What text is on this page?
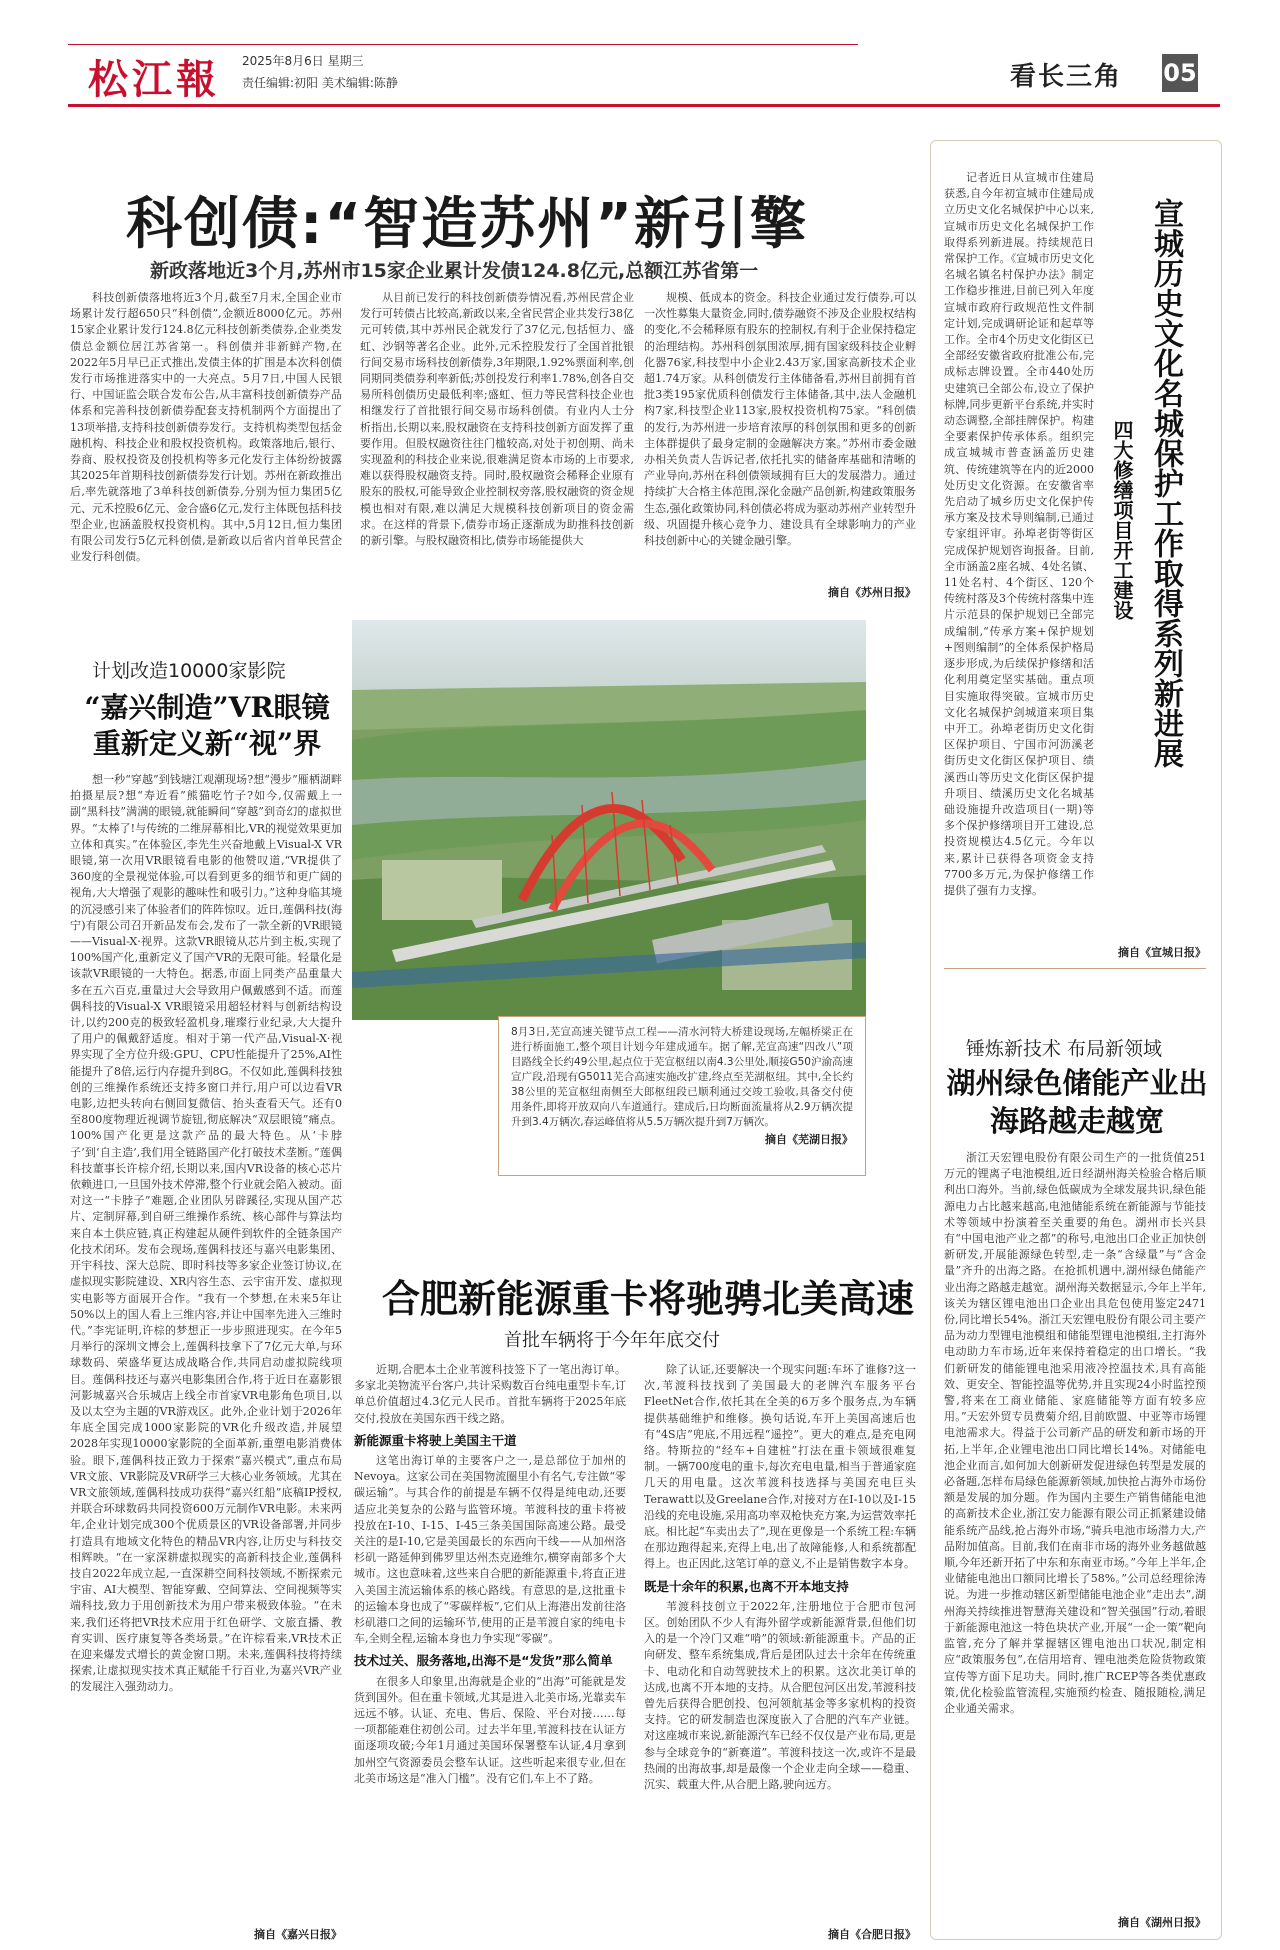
松江報 2025年8月6日 星期三
责任编辑:初阳 美术编辑:陈静	看长三角 05
科创债:“智造苏州”新引擎
新政落地近3个月,苏州市15家企业累计发债124.8亿元,总额江苏省第一

科技创新债落地将近3个月,截至7月末,全国企业市场累计发行超650只“科创债”,金额近8000亿元。苏州15家企业累计发行124.8亿元科技创新类债券,企业类发债总金额位居江苏省第一。科创债并非新鲜产物,在2022年5月早已正式推出,发债主体的扩围是本次科创债发行市场推进落实中的一大亮点。5月7日,中国人民银行、中国证监会联合发布公告,从丰富科技创新债券产品体系和完善科技创新债券配套支持机制两个方面提出了13项举措,支持科技创新债券发行。支持机构类型包括金融机构、科技企业和股权投资机构。政策落地后,银行、券商、股权投资及创投机构等多元化发行主体纷纷披露其2025年首期科技创新债券发行计划。苏州在新政推出后,率先就落地了3单科技创新债券,分别为恒力集团5亿元、元禾控股6亿元、金合盛6亿元,发行主体既包括科技型企业,也涵盖股权投资机构。其中,5月12日,恒力集团有限公司发行5亿元科创债,是新政以后省内首单民营企业发行科创债。

从目前已发行的科技创新债券情况看,苏州民营企业发行可转债占比较高,新政以来,全省民营企业共发行38亿元可转债,其中苏州民企就发行了37亿元,包括恒力、盛虹、沙钢等著名企业。此外,元禾控股发行了全国首批银行间交易市场科技创新债券,3年期限,1.92%票面利率,创同期同类债券利率新低;苏创投发行利率1.78%,创各自交易所科创债历史最低利率;盛虹、恒力等民营科技企业也相继发行了首批银行间交易市场科创债。有业内人士分析指出,长期以来,股权融资在支持科技创新方面发挥了重要作用。但股权融资往往门槛较高,对处于初创期、尚未实现盈利的科技企业来说,很难满足资本市场的上市要求,难以获得股权融资支持。同时,股权融资会稀释企业原有股东的股权,可能导致企业控制权旁落,股权融资的资金规模也相对有限,难以满足大规模科技创新项目的资金需求。在这样的背景下,债券市场正逐渐成为助推科技创新的新引擎。与股权融资相比,债券市场能提供大

规模、低成本的资金。科技企业通过发行债券,可以一次性募集大量资金,同时,债券融资不涉及企业股权结构的变化,不会稀释原有股东的控制权,有利于企业保持稳定的治理结构。苏州科创氛围浓厚,拥有国家级科技企业孵化器76家,科技型中小企业2.43万家,国家高新技术企业超1.74万家。从科创债发行主体储备看,苏州目前拥有首批3类195家优质科创债发行主体储备,其中,法人金融机构7家,科技型企业113家,股权投资机构75家。“科创债的发行,为苏州进一步培育浓厚的科创氛围和更多的创新主体群提供了最身定制的金融解决方案。”苏州市委金融办相关负责人告诉记者,依托扎实的储备库基础和清晰的产业导向,苏州在科创债领域拥有巨大的发展潜力。通过持续扩大合格主体范围,深化金融产品创新,构建政策服务生态,强化政策协同,科创债必将成为驱动苏州产业转型升级、巩固提升核心竞争力、建设具有全球影响力的产业科技创新中心的关键金融引擎。

摘自《苏州日报》
计划改造10000家影院
“嘉兴制造”VR眼镜重新定义新“视”界

想一秒“穿越”到钱塘江观潮现场?想“漫步”雁栖湖畔拍摄星辰?想“寿近看”熊猫吃竹子?如今,仅需戴上一副“黑科技”满满的眼镜,就能瞬间“穿越”到奇幻的虚拟世界。“太棒了!与传统的二维屏幕相比,VR的视觉效果更加立体和真实。”在体验区,李先生兴奋地戴上Visual-X VR眼镜,第一次用VR眼镜看电影的他赞叹道,“VR提供了360度的全景视觉体验,可以看到更多的细节和更广阔的视角,大大增强了观影的趣味性和吸引力。”这种身临其境的沉浸感引来了体验者们的阵阵惊叹。近日,莲偶科技(海宁)有限公司召开新品发布会,发布了一款全新的VR眼镜——Visual-X·视界。这款VR眼镜从芯片到主板,实现了100%国产化,重新定义了国产VR的无限可能。轻量化是该款VR眼镜的一大特色。据悉,市面上同类产品重量大多在五六百克,重量过大会导致用户佩戴感到不适。而莲偶科技的Visual-X VR眼镜采用超轻材料与创新结构设计,以约200克的极致轻盈机身,璀璨行业纪录,大大提升了用户的佩戴舒适度。相对于第一代产品,Visual-X·视界实现了全方位升级:GPU、CPU性能提升了25%,AI性能提升了8倍,运行内存提升到8G。不仅如此,莲偶科技独创的三维操作系统还支持多窗口并行,用户可以边看VR电影,边把头转向右侧回复微信、抬头查看天气。还有0至800度物理近视调节旋钮,彻底解决“双层眼镜”痛点。100%国产化更是这款产品的最大特色。从‘卡脖子’到‘自主造’,我们用全链路国产化打破技术垄断。”莲偶科技董事长许棕介绍,长期以来,国内VR设备的核心芯片依赖进口,一旦国外技术停滞,整个行业就会陷入被动。面对这一“卡脖子”难题,企业团队另辟蹊径,实现从国产芯片、定制屏幕,到自研三维操作系统、核心部件与算法均来自本土供应链,真正构建起从硬件到软件的全链条国产化技术闭环。发布会现场,莲偶科技还与嘉兴电影集团、开宇科技、深大总院、即时科技等多家企业签订协议,在虚拟现实影院建设、XR内容生态、云宇宙开发、虚拟现实电影等方面展开合作。“我有一个梦想,在未来5年让50%以上的国人看上三维内容,并让中国率先进入三维时代。”李宪证明,许棕的梦想正一步步照进现实。在今年5月举行的深圳文博会上,莲偶科技拿下了7亿元大单,与环球数码、荣盛华夏达成战略合作,共同启动虚拟院线项目。莲偶科技还与嘉兴电影集团合作,将于近日在嘉影银河影城嘉兴合乐城店上线全市首家VR电影角色项目,以及以太空为主题的VR游戏区。此外,企业计划于2026年年底全国完成1000家影院的VR化升级改造,并展望2028年实现10000家影院的全面革新,重塑电影消费体验。眼下,莲偶科技正致力于探索“嘉兴模式”,重点布局VR文旅、VR影院及VR研学三大核心业务领域。尤其在VR文旅领域,莲偶科技成功获得“嘉兴红船”底稿IP授权,并联合环球数码共同投资600万元制作VR电影。未来两年,企业计划完成300个优质景区的VR设备部署,并同步打造具有地域文化特色的精品VR内容,让历史与科技交相辉映。“在一家深耕虚拟现实的高新科技企业,莲偶科技自2022年成立起,一直深耕空间科技领域,不断探索元宇宙、AI大模型、智能穿戴、空间算法、空间视频等实端科技,致力于用创新技术为用户带来极致体验。“在未来,我们还将把VR技术应用于红色研学、文旅直播、教育实训、医疗康复等各类场景。”在许棕看来,VR技术正在迎来爆发式增长的黄金窗口期。未来,莲偶科技将持续探索,让虚拟现实技术真正赋能千行百业,为嘉兴VR产业的发展注入强劲动力。

摘自《嘉兴日报》
8月3日,芜宣高速关键节点工程——清水河特大桥建设现场,左幅桥梁正在进行桥面施工,整个项目计划今年建成通车。据了解,芜宣高速“四改八”项目路线全长约49公里,起点位于芜宣枢纽以南4.3公里处,顺接G50沪渝高速宣广段,沿现有G5011芜合高速实施改扩建,终点至芜湖枢纽。其中,全长约38公里的芜宣枢纽南侧至大郎枢纽段已顺利通过交竣工验收,具备交付使用条件,即将开放双向八车道通行。建成后,日均断面流量将从2.9万辆次提升到3.4万辆次,春运峰值将从5.5万辆次提升到7万辆次。
摘自《芜湖日报》
合肥新能源重卡将驰骋北美高速
首批车辆将于今年年底交付

近期,合肥本土企业苇渡科技签下了一笔出海订单。多家北美物流平台客户,共计采购数百台纯电重型卡车,订单总价值超过4.3亿元人民币。首批车辆将于2025年底交付,投放在美国东西干线之路。

新能源重卡将驶上美国主干道

这笔出海订单的主要客户之一,是总部位于加州的Nevoya。这家公司在美国物流圈里小有名气,专注做“零碳运输”。与其合作的前提是车辆不仅得是纯电动,还要适应北美复杂的公路与监管环境。苇渡科技的重卡将被投放在I-10、I-15、I-45三条美国国际高速公路。最受关注的是I-10,它是美国最长的东西向干线——从加州洛杉矶一路延伸到佛罗里达州杰克逊维尔,横穿南部多个大城市。这也意味着,这些来自合肥的新能源重卡,将直正进入美国主流运输体系的核心路线。有意思的是,这批重卡的运输本身也成了“零碳样板”,它们从上海港出发前往洛杉矶港口之间的运输环节,使用的正是苇渡自家的纯电卡车,全则全程,运输本身也力争实现“零碳”。

技术过关、服务落地,出海不是“发货”那么简单

在很多人印象里,出海就是企业的“出海”可能就是发货到国外。但在重卡领域,尤其是进入北美市场,光靠卖车远远不够。认证、充电、售后、保险、平台对接……每一项都能难住初创公司。过去半年里,苇渡科技在认证方面逐项攻破;今年1月通过美国环保署整车认证,4月拿到加州空气资源委员会整车认证。这些听起来很专业,但在北美市场这是“准入门槛”。没有它们,车上不了路。

除了认证,还要解决一个现实问题:车坏了谁修?这一次,苇渡科技找到了美国最大的老牌汽车服务平台FleetNet合作,依托其在全美的6万多个服务点,为车辆提供基础维护和维修。换句话说,车开上美国高速后也有“4S店”兜底,不用远程“遥控”。更大的难点,是充电网络。特斯拉的“经车+自建桩”打法在重卡领域很难复制。一辆700度电的重卡,每次充电电量,相当于普通家庭几天的用电量。这次苇渡科技选择与美国充电巨头Terawatt以及Greelane合作,对接对方在I-10以及I-15沿线的充电设施,采用高功率双枪快充方案,为运营效率托底。相比起“车卖出去了”,现在更像是一个系统工程:车辆在那边跑得起来,充得上电,出了故障能修,人和系统都配得上。也正因此,这笔订单的意义,不止是销售数字本身。

既是十余年的积累,也离不开本地支持

苇渡科技创立于2022年,注册地位于合肥市包河区。创始团队不少人有海外留学或新能源背景,但他们切入的是一个冷门又难“啃”的领域:新能源重卡。产品的正向研发、整车系统集成,背后是团队过去十余年在传统重卡、电动化和自动驾驶技术上的积累。这次北美订单的达成,也离不开本地的支持。从合肥包河区出发,苇渡科技曾先后获得合肥创投、包河领航基金等多家机构的投资支持。它的研发制造也深度嵌入了合肥的汽车产业链。对这座城市来说,新能源汽车已经不仅仅是产业布局,更是参与全球竞争的“新赛道”。苇渡科技这一次,或许不是最热闹的出海故事,却是最像一个企业走向全球——稳重、沉实、载重大件,从合肥上路,驶向远方。

摘自《合肥日报》

记者近日从宣城市住建局获悉,自今年初宣城市住建局成立历史文化名城保护中心以来,宣城市历史文化名城保护工作取得系列新进展。持续规范日常保护工作。《宣城市历史文化名城名镇名村保护办法》制定工作稳步推进,目前已列入年度宣城市政府行政规范性文件制定计划,完成调研论证和起草等工作。全市4个历史文化街区已全部经安徽省政府批准公布,完成标志牌设置。全市440处历史建筑已全部公布,设立了保护标牌,同步更新平台系统,并实时动态调整,全部挂牌保护。构建全要素保护传承体系。组织完成宣城城市普查涵盖历史建筑、传统建筑等在内的近2000处历史文化资源。在安徽省率先启动了城乡历史文化保护传承方案及技术导则编制,已通过专家组评审。孙埠老街等街区完成保护规划咨询报备。目前,全市涵盖2座名城、4处名镇、11处名村、4个街区、120个传统村落及3个传统村落集中连片示范县的保护规划已全部完成编制,“传承方案+保护规划+图则编制”的全体系保护格局逐步形成,为后续保护修缮和活化利用奠定坚实基础。重点项目实施取得突破。宣城市历史文化名城保护剑城道来项目集中开工。孙埠老街历史文化街区保护项目、宁国市河沥溪老街历史文化街区保护项目、绩溪西山等历史文化街区保护提升项目、绩溪历史文化名城基础设施提升改造项目(一期)等多个保护修缮项目开工建设,总投资规模达4.5亿元。今年以来,累计已获得各项资金支持7700多万元,为保护修缮工作提供了强有力支撑。

摘自《宣城日报》
宣城历史文化名城保护工作取得系列新进展
四大修缮项目开工建设
锤炼新技术 布局新领域
湖州绿色储能产业出海路越走越宽

浙江天宏锂电股份有限公司生产的一批货值251万元的锂离子电池模组,近日经湖州海关检验合格后顺利出口海外。当前,绿色低碳成为全球发展共识,绿色能源电力占比越来越高,电池储能系统在新能源与节能技术等领域中扮演着至关重要的角色。湖州市长兴县有“中国电池产业之都”的称号,电池出口企业正加快创新研发,开展能源绿色转型,走一条“含绿量”与“含金量”齐升的出海之路。在抢抓机遇中,湖州绿色储能产业出海之路越走越宽。湖州海关数据显示,今年上半年,该关为辖区锂电池出口企业出具危包使用鉴定2471份,同比增长54%。浙江天宏锂电股份有限公司主要产品为动力型锂电池模组和储能型锂电池模组,主打海外电动助力车市场,近年来保持着稳定的出口增长。“我们新研发的储能锂电池采用液冷控温技术,具有高能效、更安全、智能控温等优势,并且实现24小时监控预警,将来在工商业储能、家庭储能等方面有较多应用。”天宏外贸专员费菊介绍,目前欧盟、中亚等市场锂电池需求大。得益于公司新产品的研发和新市场的开拓,上半年,企业锂电池出口同比增长14%。对储能电池企业而言,如何加大创新研发促进绿色转型是发展的必备题,怎样布局绿色能源新领域,加快抢占海外市场份额是发展的加分题。作为国内主要生产销售储能电池的高新技术企业,浙江安力能源有限公司正抓紧建设储能系统产品线,抢占海外市场,“骑兵电池市场潜力大,产品附加值高。目前,我们在南非市场的海外业务越做越顺,今年还新开拓了中东和东南亚市场。”今年上半年,企业储能电池出口额同比增长了58%。”公司总经理徐涛说。为进一步推动辖区新型储能电池企业“走出去”,湖州海关持续推进智慧海关建设和“智关强国”行动,着眼于新能源电池这一特色块状产业,开展“一企一策”靶向监管,充分了解并掌握辖区锂电池出口状况,制定相应“政策服务包”,在信用培育、锂电池类危险货物政策宣传等方面下足功夫。同时,推广RCEP等各类优惠政策,优化检验监管流程,实施预约检查、随报随检,满足企业通关需求。

摘自《湖州日报》
